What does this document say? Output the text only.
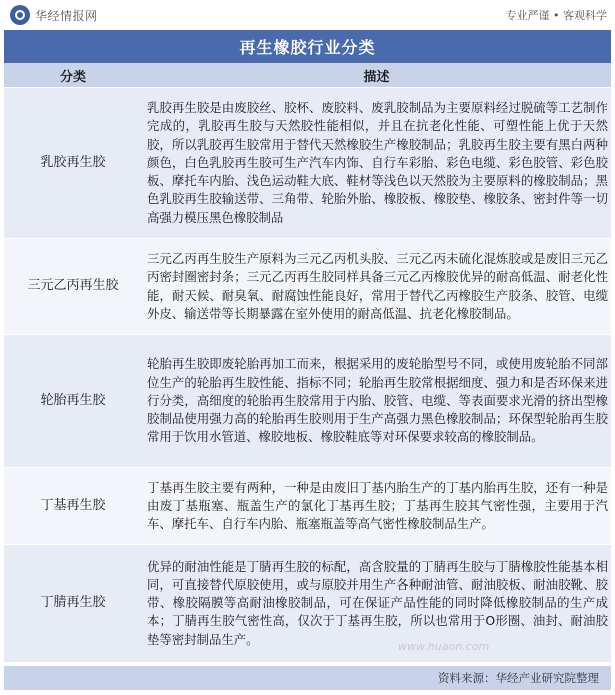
华经情报网	专业严谨 • 客观科学
再生橡胶行业分类
分类	描述
乳胶再生胶	乳胶再生胶是由废胶丝、胶杯、废胶料、废乳胶制品为主要原料经过脱硫等工艺制作完成的，乳胶再生胶与天然胶性能相似，并且在抗老化性能、可塑性能上优于天然胶，所以乳胶再生胶常用于替代天然橡胶生产橡胶制品；乳胶再生胶主要有黑白两种颜色，白色乳胶再生胶可生产汽车内饰、自行车彩胎、彩色电缆、彩色胶管、彩色胶板、摩托车内胎、浅色运动鞋大底、鞋材等浅色以天然胶为主要原料的橡胶制品；黑色乳胶再生胶输送带、三角带、轮胎外胎、橡胶板、橡胶垫、橡胶条、密封件等一切高强力模压黑色橡胶制品
三元乙丙再生胶	三元乙丙再生胶生产原料为三元乙丙机头胶、三元乙丙未硫化混炼胶或是废旧三元乙丙密封圈密封条；三元乙丙再生胶同样具备三元乙丙橡胶优异的耐高低温、耐老化性能，耐天候、耐臭氧、耐腐蚀性能良好，常用于替代乙丙橡胶生产胶条、胶管、电缆外皮、输送带等长期暴露在室外使用的耐高低温、抗老化橡胶制品。
轮胎再生胶	轮胎再生胶即废轮胎再加工而来，根据采用的废轮胎型号不同，或使用废轮胎不同部位生产的轮胎再生胶性能、指标不同；轮胎再生胶常根据细度、强力和是否环保来进行分类，高细度的轮胎再生胶常用于内胎、胶管、电缆、等表面要求光滑的挤出型橡胶制品使用强力高的轮胎再生胶则用于生产高强力黑色橡胶制品；环保型轮胎再生胶常用于饮用水管道、橡胶地板、橡胶鞋底等对环保要求较高的橡胶制品。
丁基再生胶	丁基再生胶主要有两种，一种是由废旧丁基内胎生产的丁基内胎再生胶，还有一种是由废丁基瓶塞、瓶盖生产的氯化丁基再生胶；丁基再生胶其气密性强，主要用于汽车、摩托车、自行车内胎、瓶塞瓶盖等高气密性橡胶制品生产。
丁腈再生胶	优异的耐油性能是丁腈再生胶的标配，高含胶量的丁腈再生胶与丁腈橡胶性能基本相同，可直接替代原胶使用，或与原胶并用生产各种耐油管、耐油胶板、耐油胶靴、胶带、橡胶隔膜等高耐油橡胶制品，可在保证产品性能的同时降低橡胶制品的生产成本；丁腈再生胶气密性高，仅次于丁基再生胶，所以也常用于O形圈、油封、耐油胶垫等密封制品生产。	www.huaon.com
资料来源：华经产业研究院整理
